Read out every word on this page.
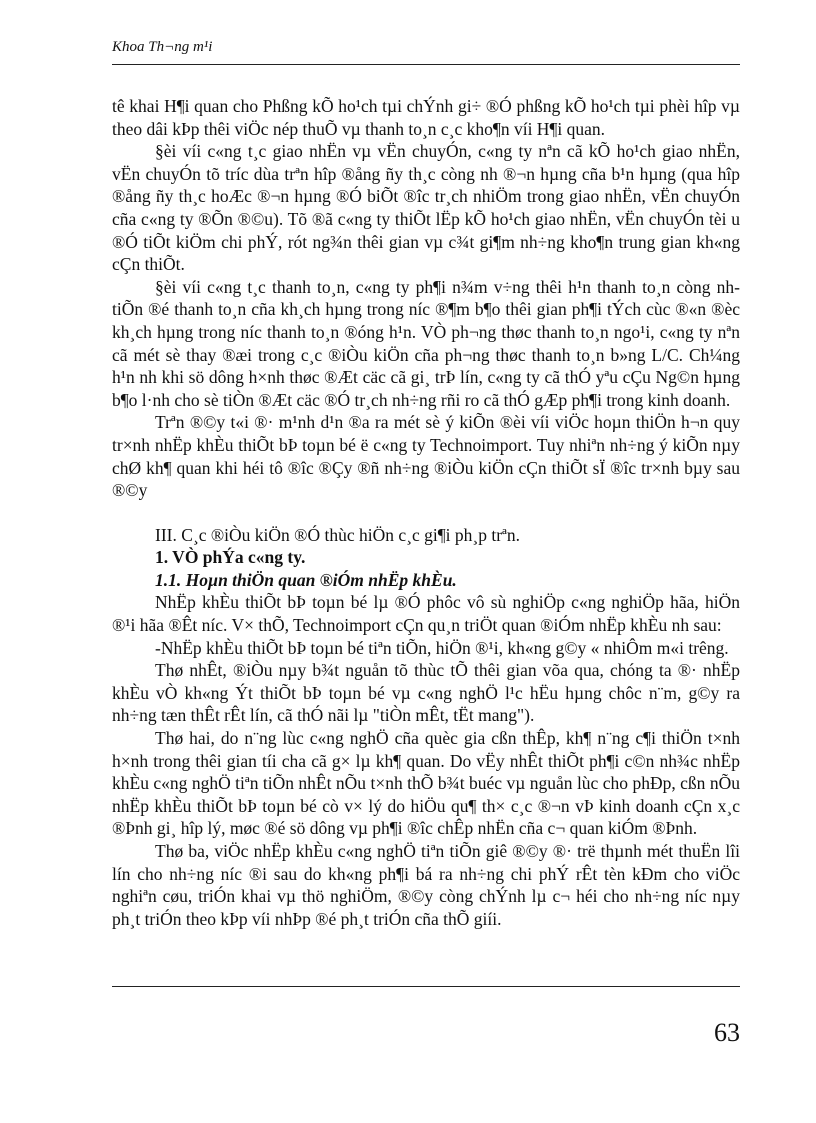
Khoa Th¬ng m¹i

tê khai H¶i quan cho Phßng kÕ ho¹ch tµi chÝnh gi÷ ®Ó phßng kÕ ho¹ch tµi phèi hîp vµ theo dâi kÞp thêi viÖc nép thuÕ vµ thanh to¸n c¸c kho¶n víi H¶i quan.

§èi víi c«ng t¸c giao nhËn vµ vËn chuyÓn, c«ng ty nªn cã kÕ ho¹ch giao nhËn, vËn chuyÓn tõ tríc dùa trªn hîp ®ång ñy th¸c còng nh ®¬n hµng cña b¹n hµng (qua hîp ®ång ñy th¸c hoÆc ®¬n hµng ®Ó biÕt ®îc tr¸ch nhiÖm trong giao nhËn, vËn chuyÓn cña c«ng ty ®Õn ®©u). Tõ ®ã c«ng ty thiÕt lËp kÕ ho¹ch giao nhËn, vËn chuyÓn tèi u ®Ó tiÕt kiÖm chi phÝ, rót ng¾n thêi gian vµ c¾t gi¶m nh÷ng kho¶n trung gian kh«ng cÇn thiÕt.

§èi víi c«ng t¸c thanh to¸n, c«ng ty ph¶i n¾m v÷ng thêi h¹n thanh to¸n còng nh tiÕn ®é thanh to¸n cña kh¸ch hµng trong níc ®¶m b¶o thêi gian ph¶i tÝch cùc ®«n ®èc kh¸ch hµng trong níc thanh to¸n ®óng h¹n. VÒ ph¬ng thøc thanh to¸n ngo¹i, c«ng ty nªn cã mét sè thay ®æi trong c¸c ®iÒu kiÖn cña ph¬ng thøc thanh to¸n b»ng L/C. Ch¼ng h¹n nh khi sö dông h×nh thøc ®Æt cäc cã gi¸ trÞ lín, c«ng ty cã thÓ yªu cÇu Ng©n hµng b¶o l·nh cho sè tiÒn ®Æt cäc ®Ó tr¸ch nh÷ng rñi ro cã thÓ gÆp ph¶i trong kinh doanh.

Trªn ®©y t«i ®· m¹nh d¹n ®a ra mét sè ý kiÕn ®èi víi viÖc hoµn thiÖn h¬n quy tr×nh nhËp khÈu thiÕt bÞ toµn bé ë c«ng ty Technoimport. Tuy nhiªn nh÷ng ý kiÕn nµy chØ kh¶ quan khi héi tô ®îc ®Çy ®ñ nh÷ng ®iÒu kiÖn cÇn thiÕt sÏ ®îc tr×nh bµy sau ®©y

III. C¸c ®iÒu kiÖn ®Ó thùc hiÖn c¸c gi¶i ph¸p trªn.

1. VÒ phÝa c«ng ty.

1.1. Hoµn thiÖn quan ®iÓm nhËp khÈu.

NhËp khÈu thiÕt bÞ toµn bé lµ ®Ó phôc vô sù nghiÖp c«ng nghiÖp hãa, hiÖn ®¹i hãa ®Êt níc. V× thÕ, Technoimport cÇn qu¸n triÖt quan ®iÓm nhËp khÈu nh sau:

-NhËp khÈu thiÕt bÞ toµn bé tiªn tiÕn, hiÖn ®¹i, kh«ng g©y « nhiÔm m«i trêng.

Thø nhÊt, ®iÒu nµy b¾t nguån tõ thùc tÕ thêi gian võa qua, chóng ta ®· nhËp khÈu vÒ kh«ng Ýt thiÕt bÞ toµn bé vµ c«ng nghÖ l¹c hËu hµng chôc n¨m, g©y ra nh÷ng tæn thÊt rÊt lín, cã thÓ nãi lµ "tiÒn mÊt, tËt mang").

Thø hai, do n¨ng lùc c«ng nghÖ cña quèc gia cßn thÊp, kh¶ n¨ng c¶i thiÖn t×nh h×nh trong thêi gian tíi cha cã g× lµ kh¶ quan. Do vËy nhÊt thiÕt ph¶i c©n nh¾c nhËp khÈu c«ng nghÖ tiªn tiÕn nhÊt nÕu t×nh thÕ b¾t buéc vµ nguån lùc cho phÐp, cßn nÕu nhËp khÈu thiÕt bÞ toµn bé cò v× lý do hiÖu qu¶ th× c¸c ®¬n vÞ kinh doanh cÇn x¸c ®Þnh gi¸ hîp lý, møc ®é sö dông vµ ph¶i ®îc chÊp nhËn cña c¬ quan kiÓm ®Þnh.

Thø ba, viÖc nhËp khÈu c«ng nghÖ tiªn tiÕn giê ®©y ®· trë thµnh mét thuËn lîi lín cho nh÷ng níc ®i sau do kh«ng ph¶i bá ra nh÷ng chi phÝ rÊt tèn kÐm cho viÖc nghiªn cøu, triÓn khai vµ thö nghiÖm, ®©y còng chÝnh lµ c¬ héi cho nh÷ng níc nµy ph¸t triÓn theo kÞp víi nhÞp ®é ph¸t triÓn cña thÕ giíi.

63
